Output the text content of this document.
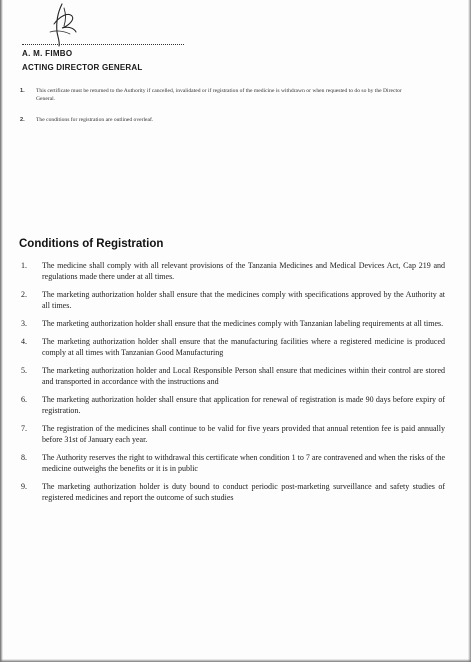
A. M. FIMBO
ACTING DIRECTOR GENERAL
1. This certificate must be returned to the Authority if cancelled, invalidated or if registration of the medicine is withdrawn or when requested to do so by the Director General.
2. The conditions for registration are outlined overleaf.
Conditions of Registration
1. The medicine shall comply with all relevant provisions of the Tanzania Medicines and Medical Devices Act, Cap 219 and regulations made there under at all times.
2. The marketing authorization holder shall ensure that the medicines comply with specifications approved by the Authority at all times.
3. The marketing authorization holder shall ensure that the medicines comply with Tanzanian labeling requirements at all times.
4. The marketing authorization holder shall ensure that the manufacturing facilities where a registered medicine is produced comply at all times with Tanzanian Good Manufacturing
5. The marketing authorization holder and Local Responsible Person shall ensure that medicines within their control are stored and transported in accordance with the instructions and
6. The marketing authorization holder shall ensure that application for renewal of registration is made 90 days before expiry of registration.
7. The registration of the medicines shall continue to be valid for five years provided that annual retention fee is paid annually before 31st of January each year.
8. The Authority reserves the right to withdrawal this certificate when condition 1 to 7 are contravened and when the risks of the medicine outweighs the benefits or it is in public
9. The marketing authorization holder is duty bound to conduct periodic post-marketing surveillance and safety studies of registered medicines and report the outcome of such studies
